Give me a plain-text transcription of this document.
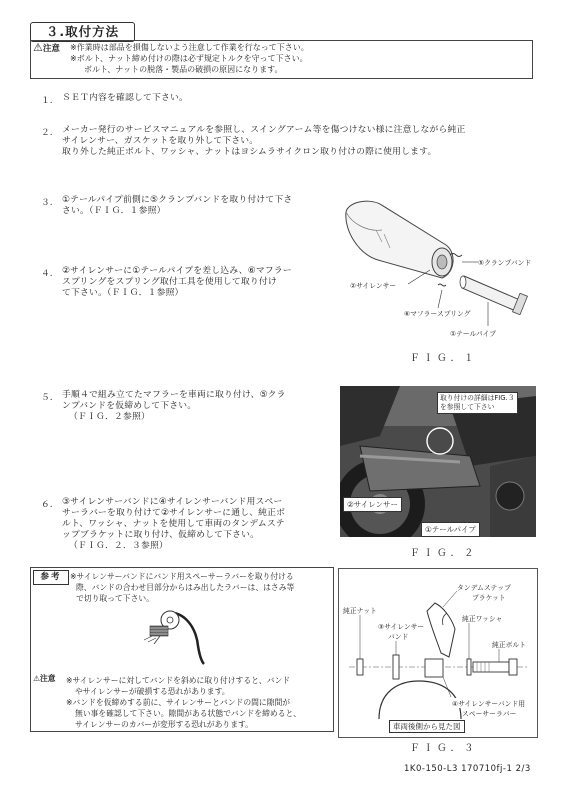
３.取付方法
⚠注意 ※作業時は部品を損傷しないよう注意して作業を行なって下さい。
※ボルト、ナット締め付けの際は必ず規定トルクを守って下さい。
ボルト、ナットの脱落・製品の破損の原因になります。
１. ＳＥＴ内容を確認して下さい。
２. メーカー発行のサービスマニュアルを参照し、スイングアーム等を傷つけない様に注意しながら純正
サイレンサー、ガスケットを取り外して下さい。
取り外した純正ボルト、ワッシャ、ナットはヨシムラサイクロン取り付けの際に使用します。
３. ①テールパイプ前側に⑤クランプバンドを取り付けて下さ
さい。（ＦＩＧ．１参照）
４. ②サイレンサーに①テールパイプを差し込み、⑥マフラー
スプリングをスプリング取付工具を使用して取り付け
て下さい。（ＦＩＧ．１参照）
５. 手順４で組み立てたマフラーを車両に取り付け、⑤クラ
ンプバンドを仮締めして下さい。
（ＦＩＧ．２参照）
６. ③サイレンサーバンドに④サイレンサーバンド用スペー
サーラバーを取り付けて②サイレンサーに通し、純正ボ
ルト、ワッシャ、ナットを使用して車両のタンデムステ
ップブラケットに取り付け、仮締めして下さい。
（ＦＩＧ．２．３参照）
⑤クランプバンド
②サイレンサー
⑥マフラースプリング
①テールパイプ
ＦＩＧ．１
取り付けの詳細はFIG.３
を参照して下さい
②サイレンサー
①テールパイプ
ＦＩＧ．２
参考	※サイレンサーバンドにバンド用スペーサーラバーを取り付ける
際、バンドの合わせ目部分からはみ出したラバーは、はさみ等
で切り取って下さい。
⚠注意 ※サイレンサーに対してバンドを斜めに取り付けすると、バンド
やサイレンサーが破損する恐れがあります。
※バンドを仮締めする前に、サイレンサーとバンドの間に隙間が
無い事を確認して下さい。隙間がある状態でバンドを締めると、
サイレンサーのカバーが変形する恐れがあります。
タンデムステップ
ブラケット
純正ナット
③サイレンサー
バンド
純正ワッシャ
純正ボルト
④サイレンサーバンド用
スペーサーラバー
車両後側から見た図
ＦＩＧ．３
1K0-150-L3 170710fj-1 2/3
